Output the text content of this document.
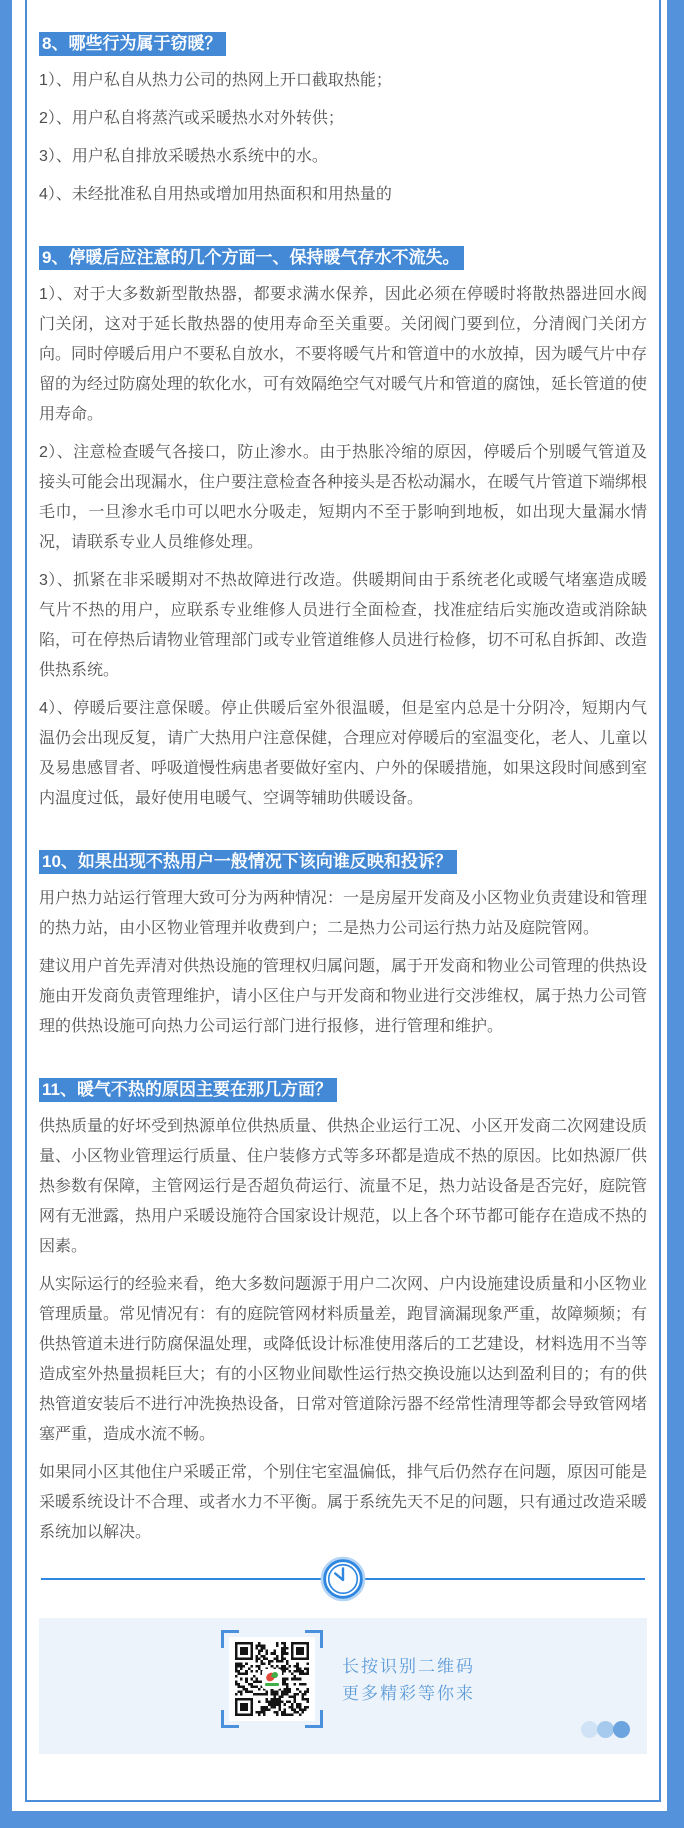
8、哪些行为属于窃暖？

1）、用户私自从热力公司的热网上开口截取热能；

2）、用户私自将蒸汽或采暖热水对外转供；

3）、用户私自排放采暖热水系统中的水。

4）、未经批准私自用热或增加用热面积和用热量的

9、停暖后应注意的几个方面一、保持暖气存水不流失。

1）、对于大多数新型散热器，都要求满水保养，因此必须在停暖时将散热器进回水阀门关闭，这对于延长散热器的使用寿命至关重要。关闭阀门要到位，分清阀门关闭方向。同时停暖后用户不要私自放水，不要将暖气片和管道中的水放掉，因为暖气片中存留的为经过防腐处理的软化水，可有效隔绝空气对暖气片和管道的腐蚀，延长管道的使用寿命。

2）、注意检查暖气各接口，防止渗水。由于热胀冷缩的原因，停暖后个别暖气管道及接头可能会出现漏水，住户要注意检查各种接头是否松动漏水，在暖气片管道下端绑根毛巾，一旦渗水毛巾可以吧水分吸走，短期内不至于影响到地板，如出现大量漏水情况，请联系专业人员维修处理。

3）、抓紧在非采暖期对不热故障进行改造。供暖期间由于系统老化或暖气堵塞造成暖气片不热的用户，应联系专业维修人员进行全面检查，找准症结后实施改造或消除缺陷，可在停热后请物业管理部门或专业管道维修人员进行检修，切不可私自拆卸、改造供热系统。

4）、停暖后要注意保暖。停止供暖后室外很温暖，但是室内总是十分阴冷，短期内气温仍会出现反复，请广大热用户注意保健，合理应对停暖后的室温变化，老人、儿童以及易患感冒者、呼吸道慢性病患者要做好室内、户外的保暖措施，如果这段时间感到室内温度过低，最好使用电暖气、空调等辅助供暖设备。

10、如果出现不热用户一般情况下该向谁反映和投诉？

用户热力站运行管理大致可分为两种情况：一是房屋开发商及小区物业负责建设和管理的热力站，由小区物业管理并收费到户；二是热力公司运行热力站及庭院管网。

建议用户首先弄清对供热设施的管理权归属问题，属于开发商和物业公司管理的供热设施由开发商负责管理维护，请小区住户与开发商和物业进行交涉维权，属于热力公司管理的供热设施可向热力公司运行部门进行报修，进行管理和维护。

11、暖气不热的原因主要在那几方面？

供热质量的好坏受到热源单位供热质量、供热企业运行工况、小区开发商二次网建设质量、小区物业管理运行质量、住户装修方式等多环都是造成不热的原因。比如热源厂供热参数有保障，主管网运行是否超负荷运行、流量不足，热力站设备是否完好，庭院管网有无泄露，热用户采暖设施符合国家设计规范，以上各个环节都可能存在造成不热的因素。

从实际运行的经验来看，绝大多数问题源于用户二次网、户内设施建设质量和小区物业管理质量。常见情况有：有的庭院管网材料质量差，跑冒滴漏现象严重，故障频频；有供热管道未进行防腐保温处理，或降低设计标准使用落后的工艺建设，材料选用不当等造成室外热量损耗巨大；有的小区物业间歇性运行热交换设施以达到盈利目的；有的供热管道安装后不进行冲洗换热设备，日常对管道除污器不经常性清理等都会导致管网堵塞严重，造成水流不畅。

如果同小区其他住户采暖正常，个别住宅室温偏低，排气后仍然存在问题，原因可能是采暖系统设计不合理、或者水力不平衡。属于系统先天不足的问题，只有通过改造采暖系统加以解决。

长按识别二维码
更多精彩等你来
